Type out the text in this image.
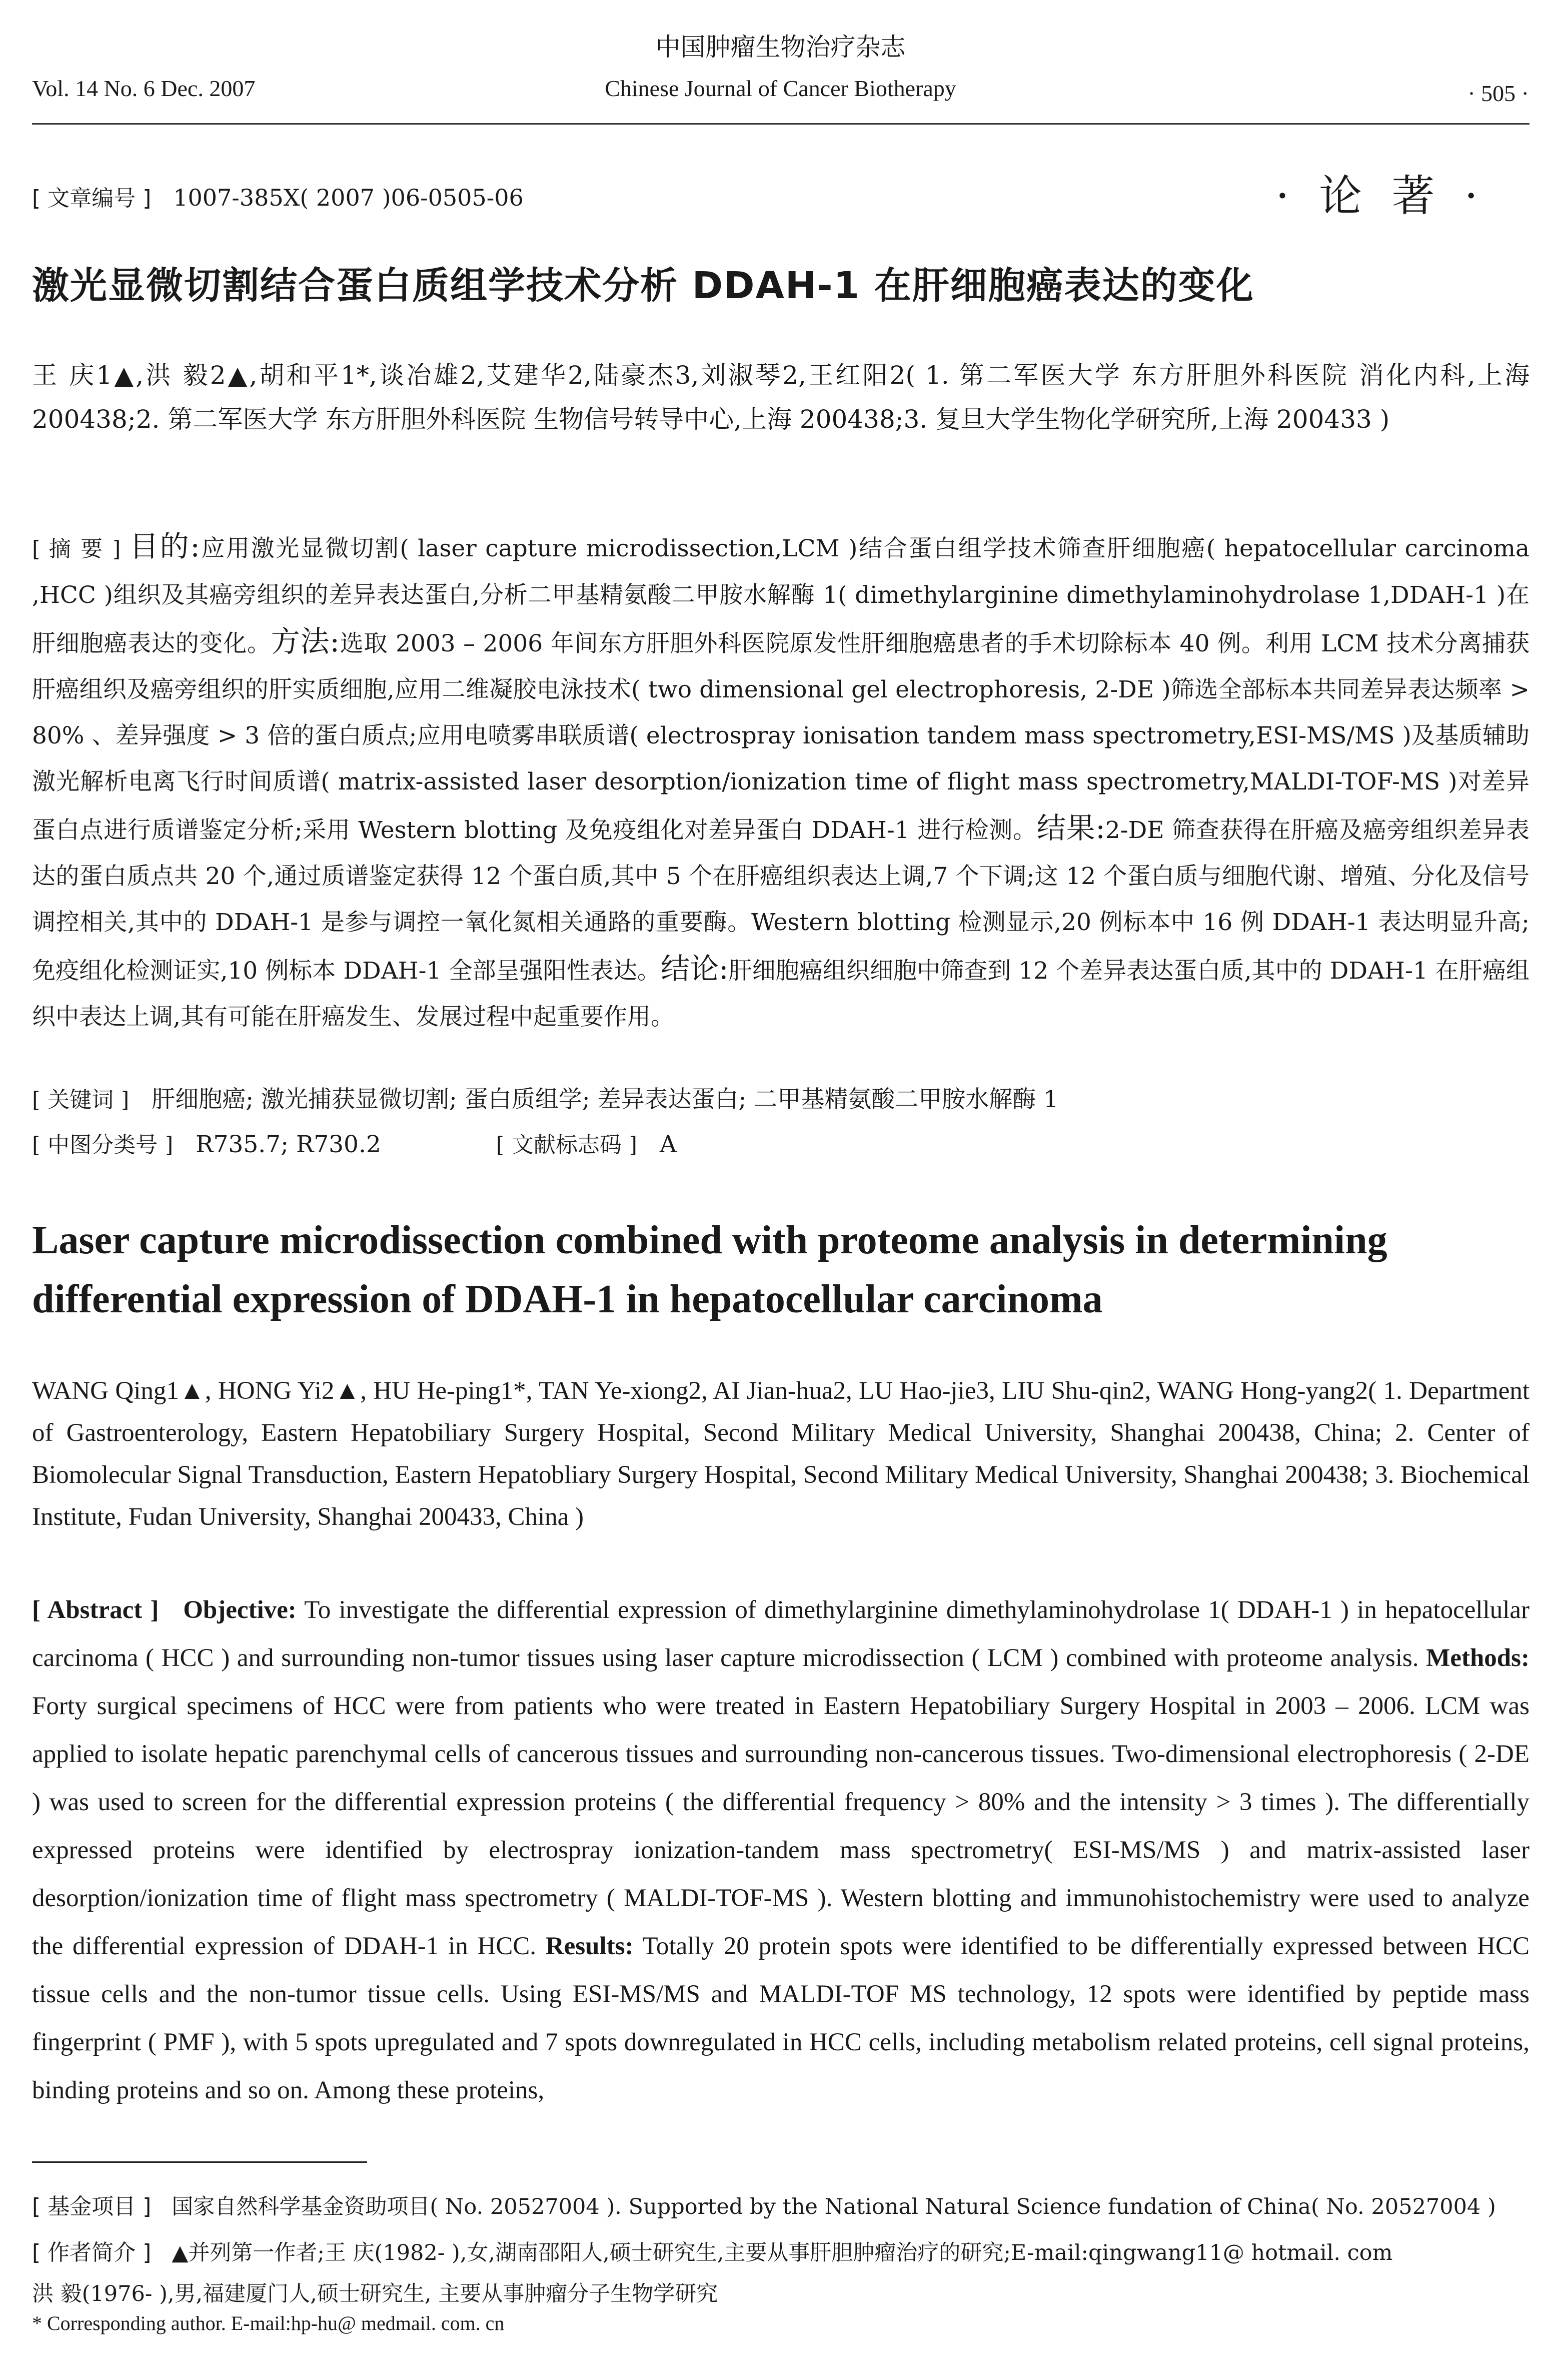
中国肿瘤生物治疗杂志
Vol. 14 No. 6 Dec. 2007	Chinese Journal of Cancer Biotherapy	· 505 ·
[ 文章编号 ] 1007-385X( 2007 )06-0505-06	· 论 著 ·
激光显微切割结合蛋白质组学技术分析 DDAH-1 在肝细胞癌表达的变化
王 庆1▲,洪 毅2▲,胡和平1*,谈冶雄2,艾建华2,陆豪杰3,刘淑琴2,王红阳2( 1. 第二军医大学 东方肝胆外科医院 消化内科,上海 200438;2. 第二军医大学 东方肝胆外科医院 生物信号转导中心,上海 200438;3. 复旦大学生物化学研究所,上海 200433 )
[ 摘 要 ] 目的:应用激光显微切割( laser capture microdissection,LCM )结合蛋白组学技术筛查肝细胞癌( hepatocellular carcinoma ,HCC )组织及其癌旁组织的差异表达蛋白,分析二甲基精氨酸二甲胺水解酶 1( dimethylarginine dimethylaminohydrolase 1,DDAH-1 )在肝细胞癌表达的变化。方法:选取 2003 – 2006 年间东方肝胆外科医院原发性肝细胞癌患者的手术切除标本 40 例。利用 LCM 技术分离捕获肝癌组织及癌旁组织的肝实质细胞,应用二维凝胶电泳技术( two dimensional gel electrophoresis, 2-DE )筛选全部标本共同差异表达频率 > 80% 、差异强度 > 3 倍的蛋白质点;应用电喷雾串联质谱( electrospray ionisation tandem mass spectrometry,ESI-MS/MS )及基质辅助激光解析电离飞行时间质谱( matrix-assisted laser desorption/ionization time of flight mass spectrometry,MALDI-TOF-MS )对差异蛋白点进行质谱鉴定分析;采用 Western blotting 及免疫组化对差异蛋白 DDAH-1 进行检测。结果:2-DE 筛查获得在肝癌及癌旁组织差异表达的蛋白质点共 20 个,通过质谱鉴定获得 12 个蛋白质,其中 5 个在肝癌组织表达上调,7 个下调;这 12 个蛋白质与细胞代谢、增殖、分化及信号调控相关,其中的 DDAH-1 是参与调控一氧化氮相关通路的重要酶。Western blotting 检测显示,20 例标本中 16 例 DDAH-1 表达明显升高;免疫组化检测证实,10 例标本 DDAH-1 全部呈强阳性表达。结论:肝细胞癌组织细胞中筛查到 12 个差异表达蛋白质,其中的 DDAH-1 在肝癌组织中表达上调,其有可能在肝癌发生、发展过程中起重要作用。
[ 关键词 ] 肝细胞癌; 激光捕获显微切割; 蛋白质组学; 差异表达蛋白; 二甲基精氨酸二甲胺水解酶 1
[ 中图分类号 ] R735.7; R730.2	[ 文献标志码 ] A
Laser capture microdissection combined with proteome analysis in determining differential expression of DDAH-1 in hepatocellular carcinoma
WANG Qing1▲, HONG Yi2▲, HU He-ping1*, TAN Ye-xiong2, AI Jian-hua2, LU Hao-jie3, LIU Shu-qin2, WANG Hong-yang2( 1. Department of Gastroenterology, Eastern Hepatobiliary Surgery Hospital, Second Military Medical University, Shanghai 200438, China; 2. Center of Biomolecular Signal Transduction, Eastern Hepatobliary Surgery Hospital, Second Military Medical University, Shanghai 200438; 3. Biochemical Institute, Fudan University, Shanghai 200433, China )
[ Abstract ] Objective: To investigate the differential expression of dimethylarginine dimethylaminohydrolase 1( DDAH-1 ) in hepatocellular carcinoma ( HCC ) and surrounding non-tumor tissues using laser capture microdissection ( LCM ) combined with proteome analysis. Methods: Forty surgical specimens of HCC were from patients who were treated in Eastern Hepatobiliary Surgery Hospital in 2003 – 2006. LCM was applied to isolate hepatic parenchymal cells of cancerous tissues and surrounding non-cancerous tissues. Two-dimensional electrophoresis ( 2-DE ) was used to screen for the differential expression proteins ( the differential frequency > 80% and the intensity > 3 times ). The differentially expressed proteins were identified by electrospray ionization-tandem mass spectrometry( ESI-MS/MS ) and matrix-assisted laser desorption/ionization time of flight mass spectrometry ( MALDI-TOF-MS ). Western blotting and immunohistochemistry were used to analyze the differential expression of DDAH-1 in HCC. Results: Totally 20 protein spots were identified to be differentially expressed between HCC tissue cells and the non-tumor tissue cells. Using ESI-MS/MS and MALDI-TOF MS technology, 12 spots were identified by peptide mass fingerprint ( PMF ), with 5 spots upregulated and 7 spots downregulated in HCC cells, including metabolism related proteins, cell signal proteins, binding proteins and so on. Among these proteins,
[ 基金项目 ] 国家自然科学基金资助项目( No. 20527004 ). Supported by the National Natural Science fundation of China( No. 20527004 )
[ 作者简介 ] ▲并列第一作者;王 庆(1982- ),女,湖南邵阳人,硕士研究生,主要从事肝胆肿瘤治疗的研究;E-mail:qingwang11@ hotmail. com
洪 毅(1976- ),男,福建厦门人,硕士研究生, 主要从事肿瘤分子生物学研究
* Corresponding author. E-mail:hp-hu@ medmail. com. cn
